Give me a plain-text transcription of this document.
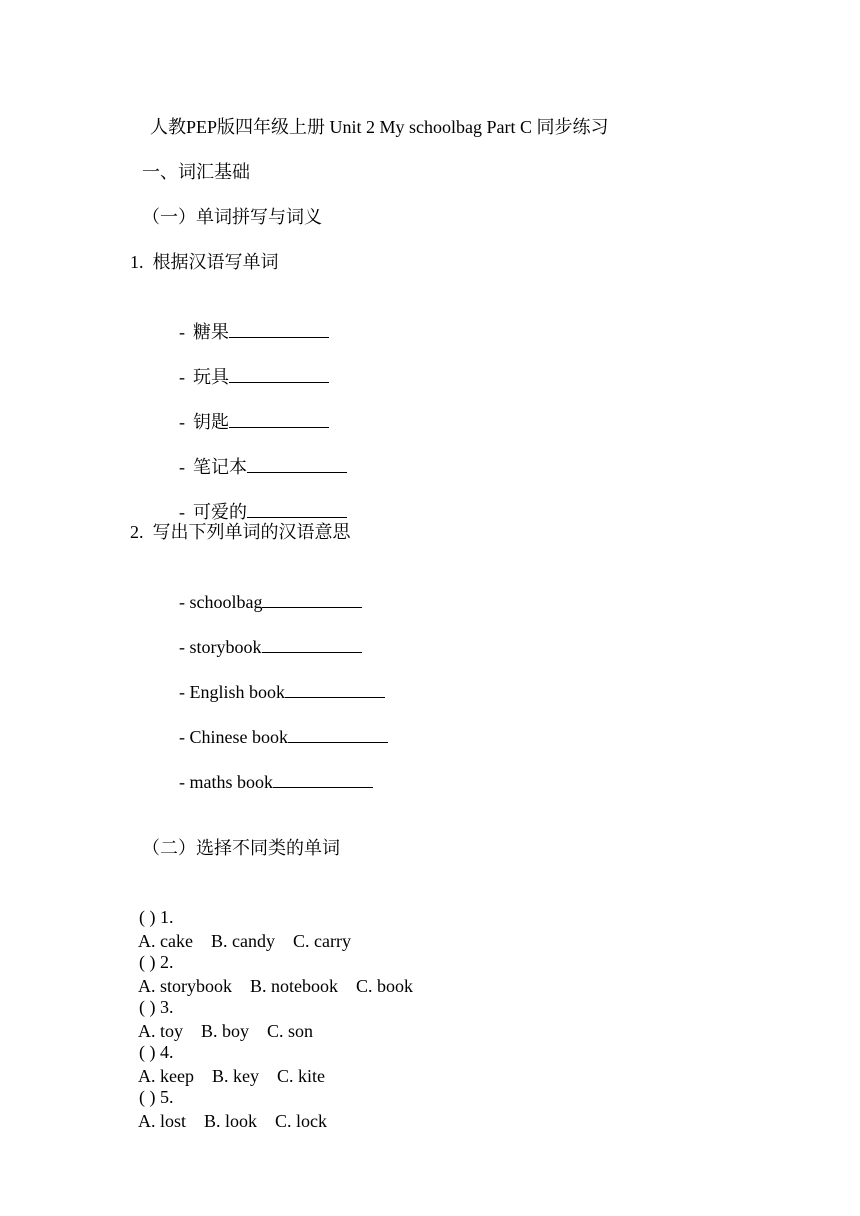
人教PEP版四年级上册 Unit 2 My schoolbag Part C 同步练习
一、词汇基础
（一）单词拼写与词义
1.  根据汉语写单词

- 糖果

- 玩具

- 钥匙

- 笔记本

- 可爱的

2.  写出下列单词的汉语意思

- schoolbag

- storybook

- English book

- Chinese book

- maths book

（二）选择不同类的单词

( ) 1.
A. cake B. candy C. carry

( ) 2.
A. storybook B. notebook C. book

( ) 3.
A. toy B. boy C. son

( ) 4.
A. keep B. key C. kite

( ) 5.
A. lost B. look C. lock
